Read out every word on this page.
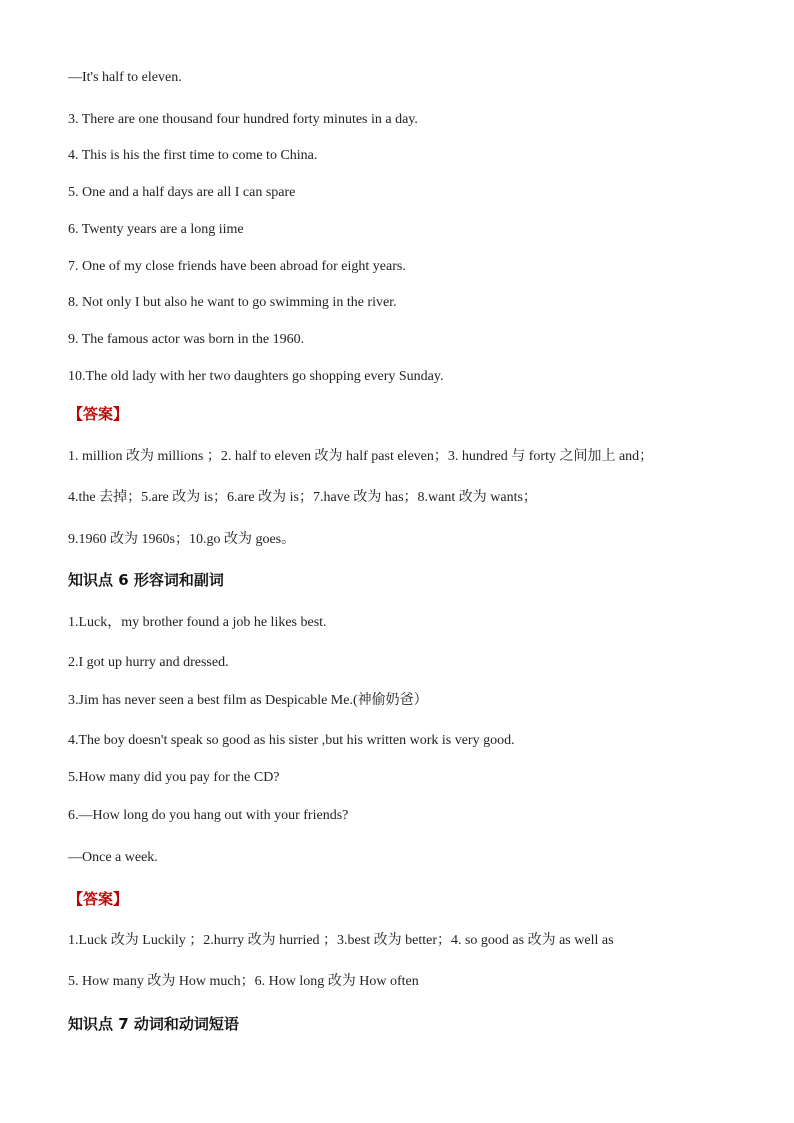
—It's half to eleven.
3. There are one thousand four hundred forty minutes in a day.
4. This is his the first time to come to China.
5. One and a half days are all I can spare
6. Twenty years are a long iime
7. One of my close friends have been abroad for eight years.
8. Not only I but also he want to go swimming in the river.
9. The famous actor was born in the 1960.
10.The old lady with her two daughters go shopping every Sunday.
【答案】
1. million 改为 millions ；2. half to eleven 改为 half past eleven；3. hundred 与 forty 之间加上 and；
4.the 去掉；5.are 改为 is；6.are 改为 is；7.have 改为 has；8.want 改为 wants；
9.1960 改为 1960s；10.go 改为 goes。
知识点 6 形容词和副词
1.Luck，my brother found a job he likes best.
2.I got up hurry and dressed.
3.Jim has never seen a best film as Despicable Me.(神偷奶爸）
4.The boy doesn't speak so good as his sister ,but his written work is very good.
5.How many did you pay for the CD?
6.—How long do you hang out with your friends?
—Once a week.
【答案】
1.Luck 改为 Luckily ；2.hurry 改为 hurried ；3.best 改为 better；4. so good as 改为 as well as
5. How many 改为 How much；6. How long 改为 How often
知识点 7 动词和动词短语
